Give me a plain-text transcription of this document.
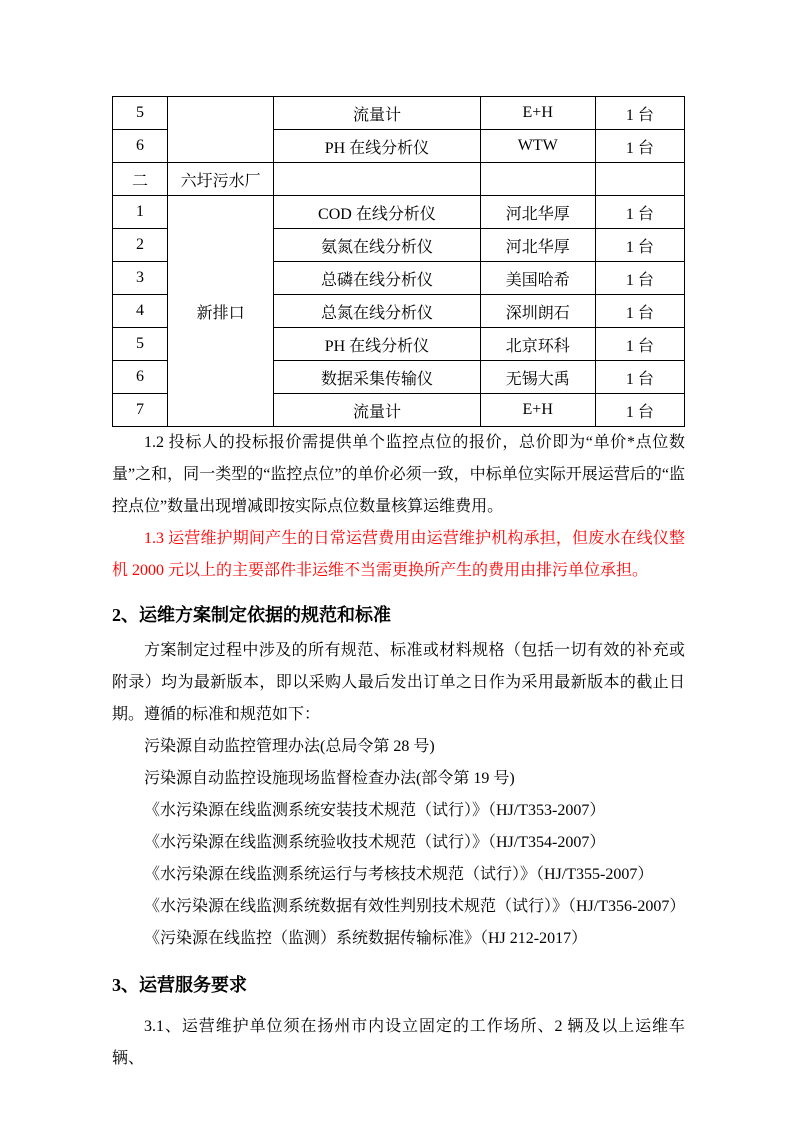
5		流量计	E+H	1 台
6		PH 在线分析仪	WTW	1 台
二	六圩污水厂			
1	新排口	COD 在线分析仪	河北华厚	1 台
2		氨氮在线分析仪	河北华厚	1 台
3		总磷在线分析仪	美国哈希	1 台
4		总氮在线分析仪	深圳朗石	1 台
5		PH 在线分析仪	北京环科	1 台
6		数据采集传输仪	无锡大禹	1 台
7		流量计	E+H	1 台

1.2 投标人的投标报价需提供单个监控点位的报价，总价即为“单价*点位数量”之和，同一类型的“监控点位”的单价必须一致，中标单位实际开展运营后的“监控点位”数量出现增减即按实际点位数量核算运维费用。

1.3 运营维护期间产生的日常运营费用由运营维护机构承担，但废水在线仪整机 2000 元以上的主要部件非运维不当需更换所产生的费用由排污单位承担。

2、运维方案制定依据的规范和标准

方案制定过程中涉及的所有规范、标准或材料规格（包括一切有效的补充或附录）均为最新版本，即以采购人最后发出订单之日作为采用最新版本的截止日期。遵循的标准和规范如下：

污染源自动监控管理办法(总局令第 28 号)

污染源自动监控设施现场监督检查办法(部令第 19 号)

《水污染源在线监测系统安装技术规范（试行）》（HJ/T353-2007）

《水污染源在线监测系统验收技术规范（试行）》（HJ/T354-2007）

《水污染源在线监测系统运行与考核技术规范（试行）》（HJ/T355-2007）

《水污染源在线监测系统数据有效性判别技术规范（试行）》（HJ/T356-2007）

《污染源在线监控（监测）系统数据传输标准》（HJ 212-2017）

3、运营服务要求

3.1、运营维护单位须在扬州市内设立固定的工作场所、2 辆及以上运维车辆、
